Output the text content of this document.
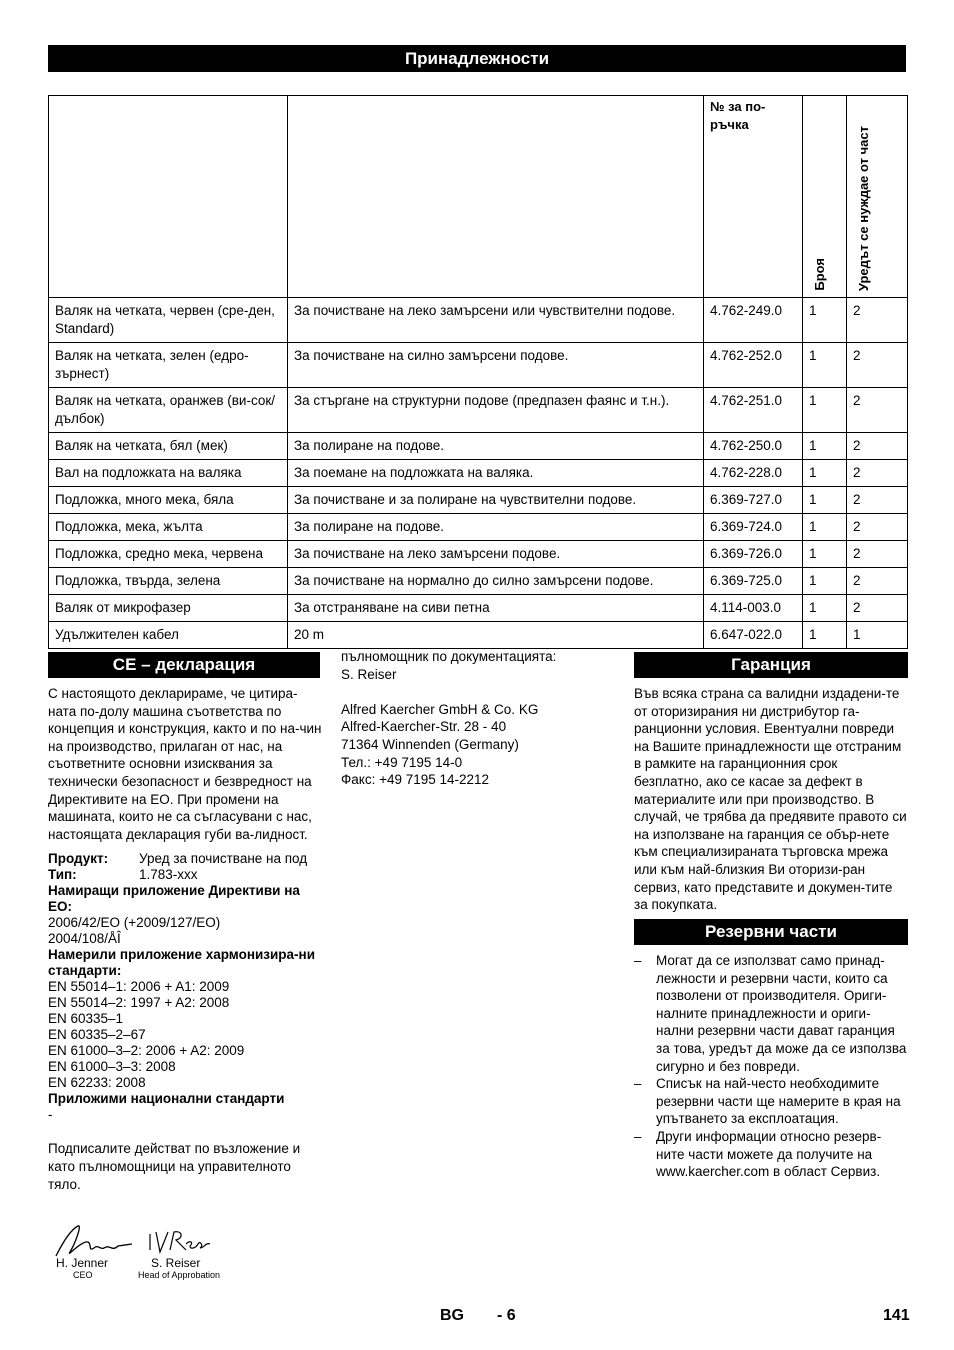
Принадлежности
		№ за по-ръчка	Броя	Уредът се нуждае от част

Валяк на четката, червен (сре-ден, Standard)	За почистване на леко замърсени или чувствителни подове.	4.762-249.0	1	2
Валяк на четката, зелен (едро-зърнест)	За почистване на силно замърсени подове.	4.762-252.0	1	2
Валяк на четката, оранжев (ви-сок/дълбок)	За стъргане на структурни подове (предпазен фаянс и т.н.).	4.762-251.0	1	2
Валяк на четката, бял (мек)	За полиране на подове.	4.762-250.0	1	2
Вал на подложката на валяка	За поемане на подложката на валяка.	4.762-228.0	1	2
Подложка, много мека, бяла	За почистване и за полиране на чувствителни подове.	6.369-727.0	1	2
Подложка, мека, жълта	За полиране на подове.	6.369-724.0	1	2
Подложка, средно мека, червена	За почистване на леко замърсени подове.	6.369-726.0	1	2
Подложка, твърда, зелена	За почистване на нормално до силно замърсени подове.	6.369-725.0	1	2
Валяк от микрофазер	За отстраняване на сиви петна	4.114-003.0	1	2
Удължителен кабел	20 m	6.647-022.0	1	1
CE – декларация
С настоящото декларираме, че цитира-ната по-долу машина съответства по концепция и конструкция, както и по на-чин на производство, прилаган от нас, на съответните основни изисквания за технически безопасност и безвредност на Директивите на ЕО. При промени на машината, които не са съгласувани с нас, настоящата декларация губи ва-лидност.
Продукт:	Уред за почистване на под
Тип:	1.783-xxx
Намиращи приложение Директиви на ЕО:
2006/42/EO (+2009/127/EO)
2004/108/ÅÎ
Намерили приложение хармонизира-ни стандарти:
EN 55014–1: 2006 + A1: 2009
EN 55014–2: 1997 + A2: 2008
EN 60335–1
EN 60335–2–67
EN 61000–3–2: 2006 + A2: 2009
EN 61000–3–3: 2008
EN 62233: 2008
Приложими национални стандарти
-
Подписалите действат по възложение и като пълномощници на управителното тяло.
H. Jenner
CEO
S. Reiser
Head of Approbation
пълномощник по документацията:
S. Reiser
Alfred Kaercher GmbH & Co. KG
Alfred-Kaercher-Str. 28 - 40
71364 Winnenden (Germany)
Тел.: +49 7195 14-0
Факс: +49 7195 14-2212
Гаранция
Във всяка страна са валидни издадени-те от оторизирания ни дистрибутор га-ранционни условия. Евентуални повреди на Вашите принадлежности ще отстраним в рамките на гаранционния срок безплатно, ако се касае за дефект в материалите или при производство. В случай, че трябва да предявите правото си на използване на гаранция се обър-нете към специализираната търговска мрежа или към най-близкия Ви оторизи-ран сервиз, като представите и докумен-тите за покупката.
Резервни части
– Могат да се използват само принад-лежности и резервни части, които са позволени от производителя. Ориги-налните принадлежности и ориги-нални резервни части дават гаранция за това, уредът да може да се използва сигурно и без повреди.
– Списък на най-често необходимите резервни части ще намерите в края на упътването за експлоатация.
– Други информации относно резерв-ните части можете да получите на www.kaercher.com в област Сервиз.
BG - 6	141
